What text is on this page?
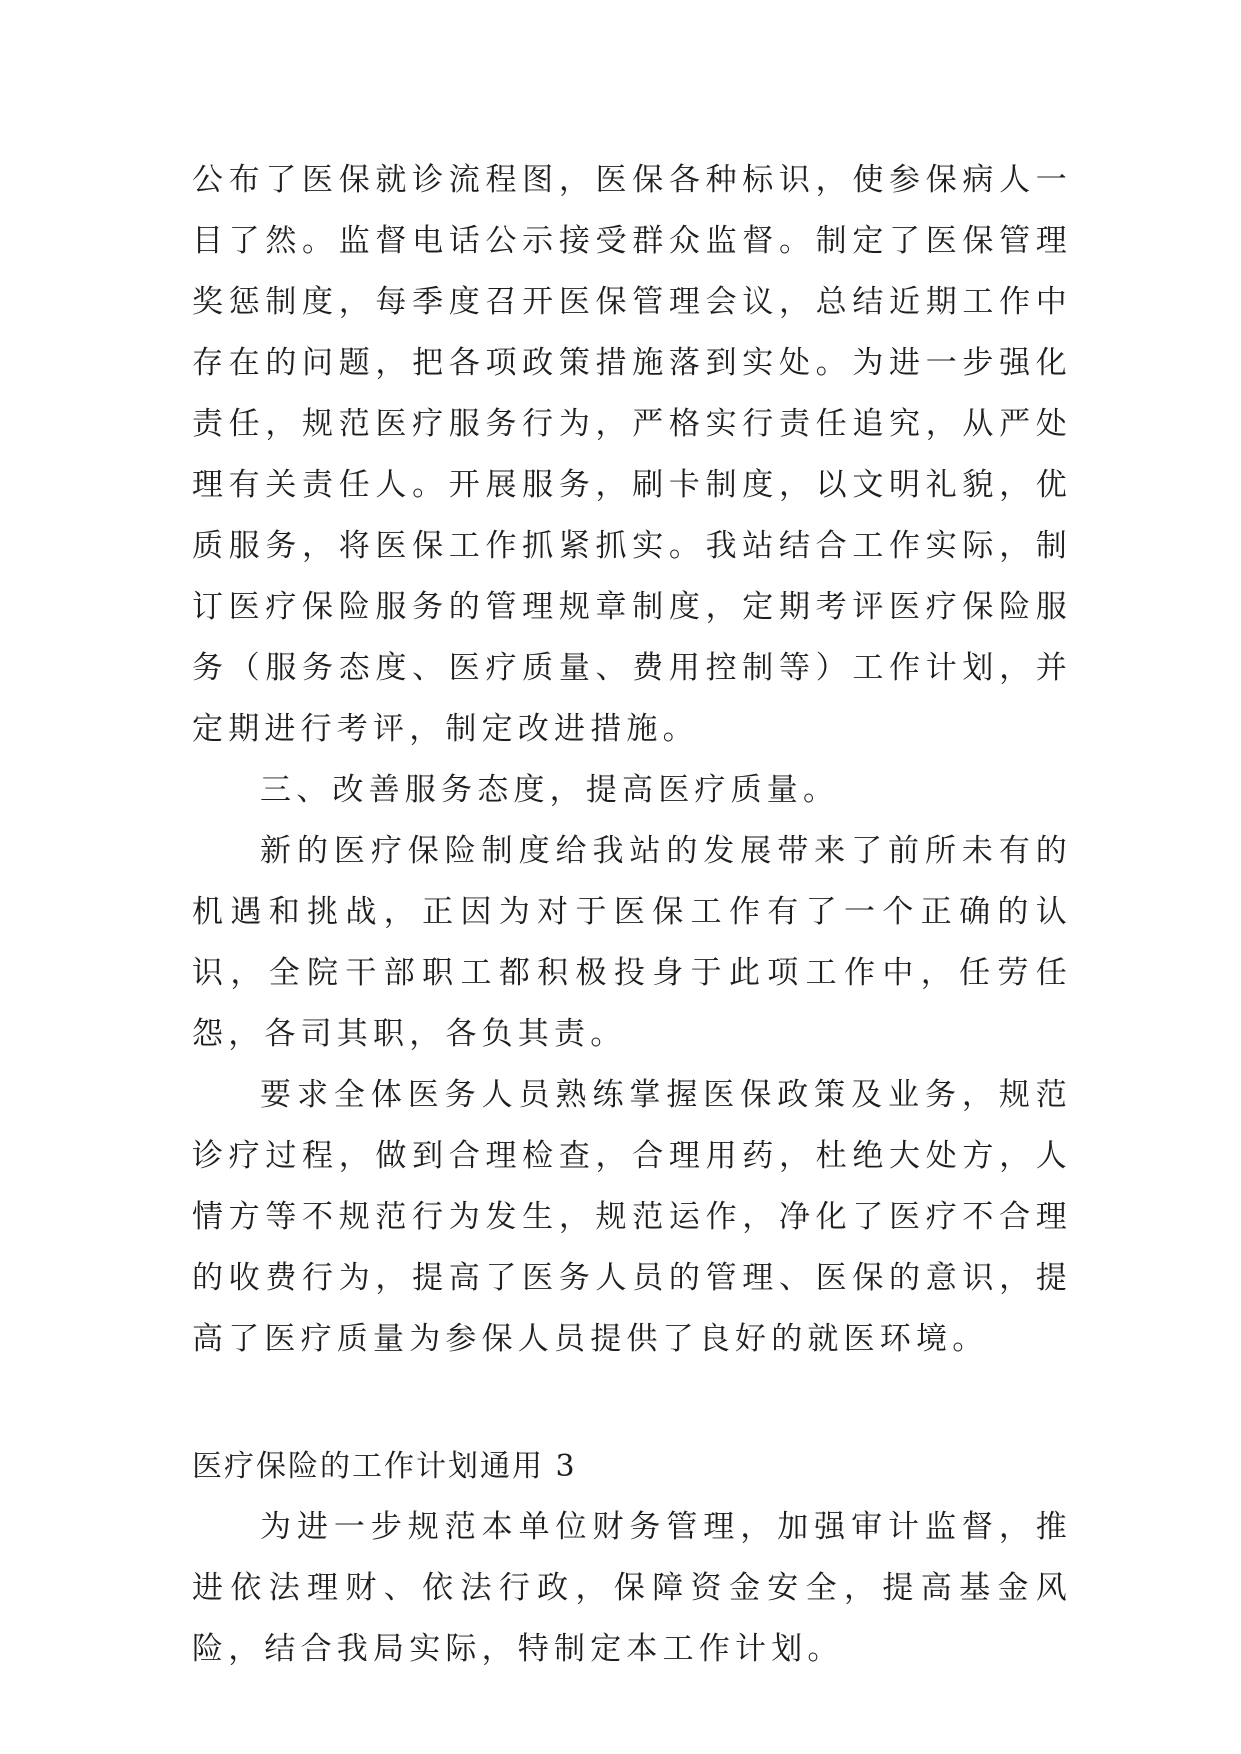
公布了医保就诊流程图，医保各种标识，使参保病人一目了然。监督电话公示接受群众监督。制定了医保管理奖惩制度，每季度召开医保管理会议，总结近期工作中存在的问题，把各项政策措施落到实处。为进一步强化责任，规范医疗服务行为，严格实行责任追究，从严处理有关责任人。开展服务，刷卡制度，以文明礼貌，优质服务，将医保工作抓紧抓实。我站结合工作实际，制订医疗保险服务的管理规章制度，定期考评医疗保险服务（服务态度、医疗质量、费用控制等）工作计划，并定期进行考评，制定改进措施。

三、改善服务态度，提高医疗质量。

新的医疗保险制度给我站的发展带来了前所未有的机遇和挑战，正因为对于医保工作有了一个正确的认识，全院干部职工都积极投身于此项工作中，任劳任怨，各司其职，各负其责。

要求全体医务人员熟练掌握医保政策及业务，规范诊疗过程，做到合理检查，合理用药，杜绝大处方，人情方等不规范行为发生，规范运作，净化了医疗不合理的收费行为，提高了医务人员的管理、医保的意识，提高了医疗质量为参保人员提供了良好的就医环境。

医疗保险的工作计划通用 3

为进一步规范本单位财务管理，加强审计监督，推进依法理财、依法行政，保障资金安全，提高基金风险，结合我局实际，特制定本工作计划。
